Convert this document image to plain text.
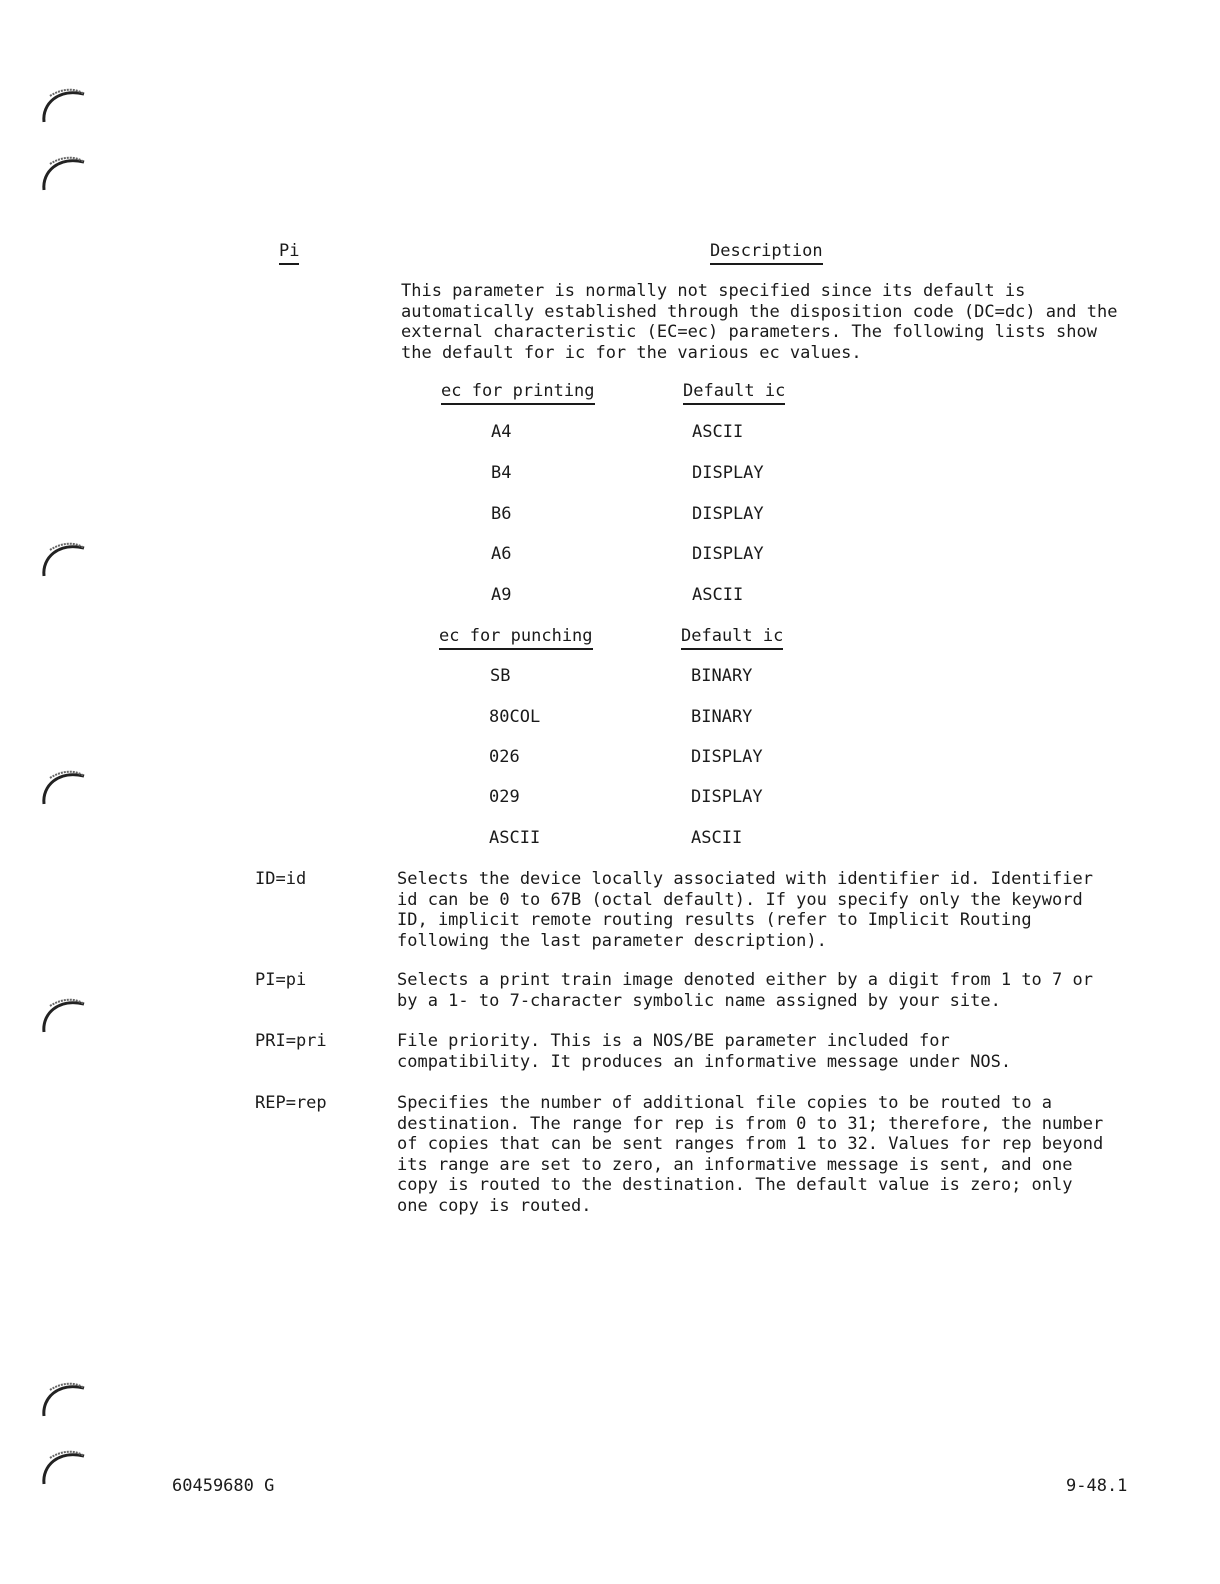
Pi	Description
This parameter is normally not specified since its default is
automatically established through the disposition code (DC=dc) and the
external characteristic (EC=ec) parameters. The following lists show
the default for ic for the various ec values.
ec for printing	Default ic
A4	ASCII
B4	DISPLAY
B6	DISPLAY
A6	DISPLAY
A9	ASCII
ec for punching	Default ic
SB	BINARY
80COL	BINARY
026	DISPLAY
029	DISPLAY
ASCII	ASCII
ID=id	Selects the device locally associated with identifier id. Identifier
id can be 0 to 67B (octal default). If you specify only the keyword
ID, implicit remote routing results (refer to Implicit Routing
following the last parameter description).
PI=pi	Selects a print train image denoted either by a digit from 1 to 7 or
by a 1- to 7-character symbolic name assigned by your site.
PRI=pri	File priority. This is a NOS/BE parameter included for
compatibility. It produces an informative message under NOS.
REP=rep	Specifies the number of additional file copies to be routed to a
destination. The range for rep is from 0 to 31; therefore, the number
of copies that can be sent ranges from 1 to 32. Values for rep beyond
its range are set to zero, an informative message is sent, and one
copy is routed to the destination. The default value is zero; only
one copy is routed.
60459680 G	9-48.1
